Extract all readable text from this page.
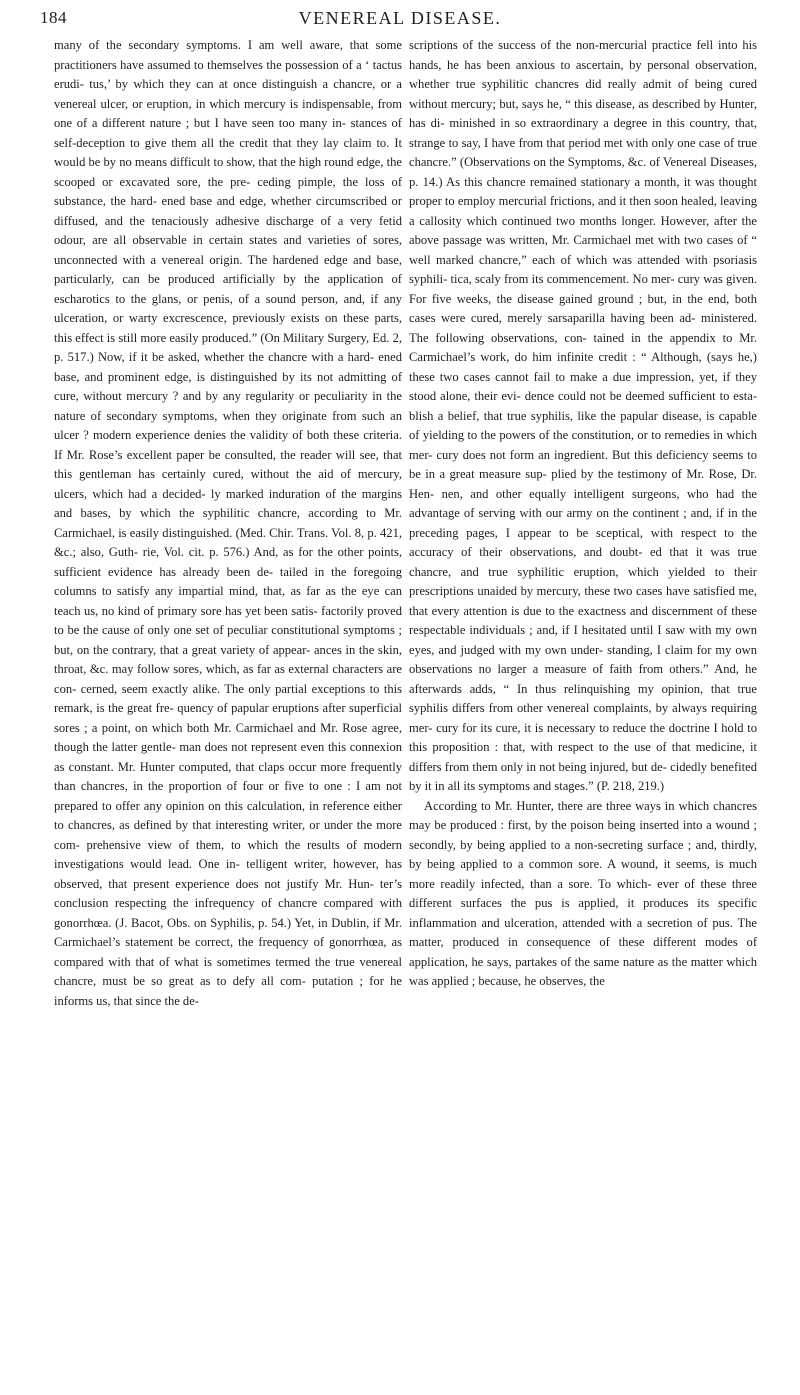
184	VENEREAL DISEASE.

many of the secondary symptoms. I am well aware, that some practitioners have assumed to themselves the possession of a ‘ tactus erudi- tus,’ by which they can at once distinguish a chancre, or a venereal ulcer, or eruption, in which mercury is indispensable, from one of a different nature ; but I have seen too many in- stances of self-deception to give them all the credit that they lay claim to. It would be by no means difficult to show, that the high round edge, the scooped or excavated sore, the pre- ceding pimple, the loss of substance, the hard- ened base and edge, whether circumscribed or diffused, and the tenaciously adhesive discharge of a very fetid odour, are all observable in certain states and varieties of sores, unconnected with a venereal origin. The hardened edge and base, particularly, can be produced artificially by the application of escharotics to the glans, or penis, of a sound person, and, if any ulceration, or warty excrescence, previously exists on these parts, this effect is still more easily produced.” (On Military Surgery, Ed. 2, p. 517.) Now, if it be asked, whether the chancre with a hard- ened base, and prominent edge, is distinguished by its not admitting of cure, without mercury ? and by any regularity or peculiarity in the nature of secondary symptoms, when they originate from such an ulcer ? modern experience denies the validity of both these criteria. If Mr. Rose’s excellent paper be consulted, the reader will see, that this gentleman has certainly cured, without the aid of mercury, ulcers, which had a decided- ly marked induration of the margins and bases, by which the syphilitic chancre, according to Mr. Carmichael, is easily distinguished. (Med. Chir. Trans. Vol. 8, p. 421, &c.; also, Guth- rie, Vol. cit. p. 576.) And, as for the other points, sufficient evidence has already been de- tailed in the foregoing columns to satisfy any impartial mind, that, as far as the eye can teach us, no kind of primary sore has yet been satis- factorily proved to be the cause of only one set of peculiar constitutional symptoms ; but, on the contrary, that a great variety of appear- ances in the skin, throat, &c. may follow sores, which, as far as external characters are con- cerned, seem exactly alike. The only partial exceptions to this remark, is the great fre- quency of papular eruptions after superficial sores ; a point, on which both Mr. Carmichael and Mr. Rose agree, though the latter gentle- man does not represent even this connexion as constant. Mr. Hunter computed, that claps occur more frequently than chancres, in the proportion of four or five to one : I am not prepared to offer any opinion on this calculation, in reference either to chancres, as defined by that interesting writer, or under the more com- prehensive view of them, to which the results of modern investigations would lead. One in- telligent writer, however, has observed, that present experience does not justify Mr. Hun- ter’s conclusion respecting the infrequency of chancre compared with gonorrhœa. (J. Bacot, Obs. on Syphilis, p. 54.) Yet, in Dublin, if Mr. Carmichael’s statement be correct, the frequency of gonorrhœa, as compared with that of what is sometimes termed the true venereal chancre, must be so great as to defy all com- putation ; for he informs us, that since the de-

scriptions of the success of the non-mercurial practice fell into his hands, he has been anxious to ascertain, by personal observation, whether true syphilitic chancres did really admit of being cured without mercury; but, says he, “ this disease, as described by Hunter, has di- minished in so extraordinary a degree in this country, that, strange to say, I have from that period met with only one case of true chancre.” (Observations on the Symptoms, &c. of Venereal Diseases, p. 14.) As this chancre remained stationary a month, it was thought proper to employ mercurial frictions, and it then soon healed, leaving a callosity which continued two months longer. However, after the above passage was written, Mr. Carmichael met with two cases of “ well marked chancre,” each of which was attended with psoriasis syphili- tica, scaly from its commencement. No mer- cury was given. For five weeks, the disease gained ground ; but, in the end, both cases were cured, merely sarsaparilla having been ad- ministered. The following observations, con- tained in the appendix to Mr. Carmichael’s work, do him infinite credit : “ Although, (says he,) these two cases cannot fail to make a due impression, yet, if they stood alone, their evi- dence could not be deemed sufficient to esta- blish a belief, that true syphilis, like the papular disease, is capable of yielding to the powers of the constitution, or to remedies in which mer- cury does not form an ingredient. But this deficiency seems to be in a great measure sup- plied by the testimony of Mr. Rose, Dr. Hen- nen, and other equally intelligent surgeons, who had the advantage of serving with our army on the continent ; and, if in the preceding pages, I appear to be sceptical, with respect to the accuracy of their observations, and doubt- ed that it was true chancre, and true syphilitic eruption, which yielded to their prescriptions unaided by mercury, these two cases have satisfied me, that every attention is due to the exactness and discernment of these respectable individuals ; and, if I hesitated until I saw with my own eyes, and judged with my own under- standing, I claim for my own observations no larger a measure of faith from others.” And, he afterwards adds, “ In thus relinquishing my opinion, that true syphilis differs from other venereal complaints, by always requiring mer- cury for its cure, it is necessary to reduce the doctrine I hold to this proposition : that, with respect to the use of that medicine, it differs from them only in not being injured, but de- cidedly benefited by it in all its symptoms and stages.” (P. 218, 219.)

According to Mr. Hunter, there are three ways in which chancres may be produced : first, by the poison being inserted into a wound ; secondly, by being applied to a non-secreting surface ; and, thirdly, by being applied to a common sore. A wound, it seems, is much more readily infected, than a sore. To which- ever of these three different surfaces the pus is applied, it produces its specific inflammation and ulceration, attended with a secretion of pus. The matter, produced in consequence of these different modes of application, he says, partakes of the same nature as the matter which was applied ; because, he observes, the
